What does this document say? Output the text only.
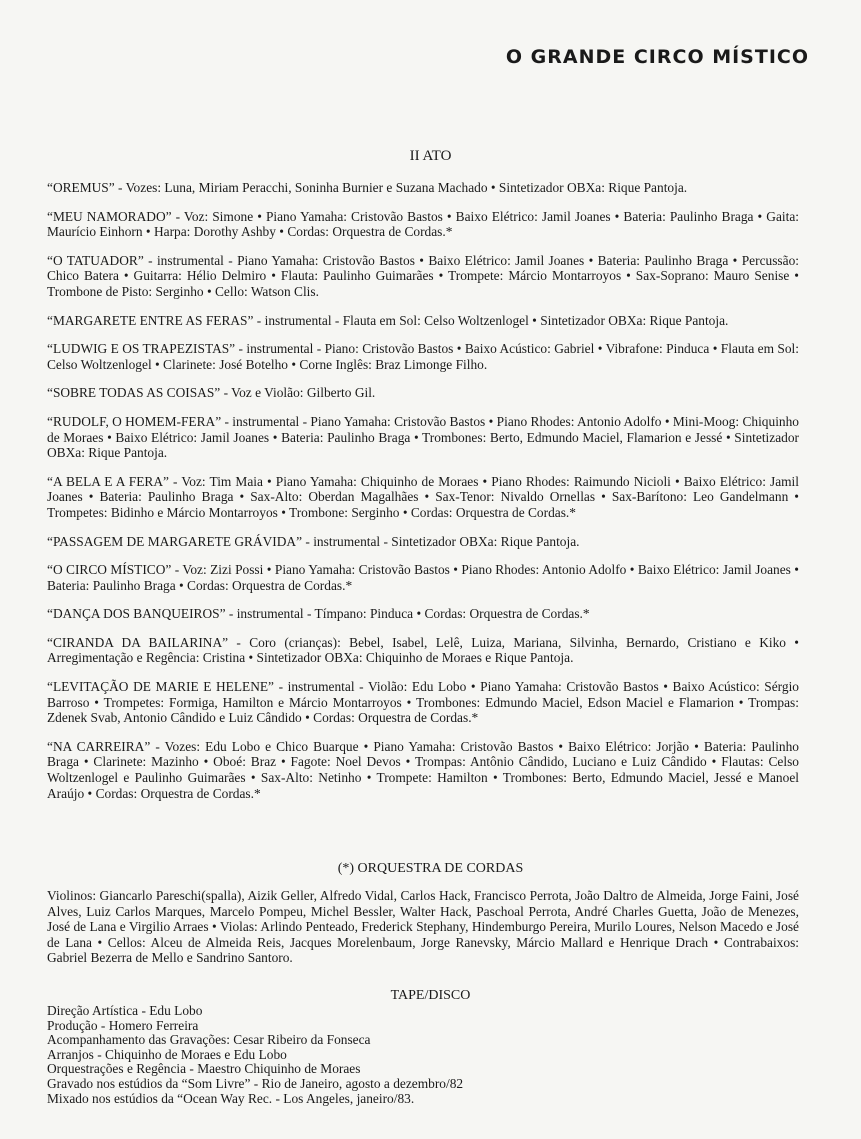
O GRANDE CIRCO MÍSTICO
II ATO

“OREMUS” - Vozes: Luna, Miriam Peracchi, Soninha Burnier e Suzana Machado • Sintetizador OBXa: Rique Pantoja.

“MEU NAMORADO” - Voz: Simone • Piano Yamaha: Cristovão Bastos • Baixo Elétrico: Jamil Joanes • Bateria: Paulinho Braga • Gaita: Maurício Einhorn • Harpa: Dorothy Ashby • Cordas: Orquestra de Cordas.*

“O TATUADOR” - instrumental - Piano Yamaha: Cristovão Bastos • Baixo Elétrico: Jamil Joanes • Bateria: Paulinho Braga • Percussão: Chico Batera • Guitarra: Hélio Delmiro • Flauta: Paulinho Guimarães • Trompete: Márcio Montarroyos • Sax-Soprano: Mauro Senise • Trombone de Pisto: Serginho • Cello: Watson Clis.

“MARGARETE ENTRE AS FERAS” - instrumental - Flauta em Sol: Celso Woltzenlogel • Sintetizador OBXa: Rique Pantoja.

“LUDWIG E OS TRAPEZISTAS” - instrumental - Piano: Cristovão Bastos • Baixo Acústico: Gabriel • Vibrafone: Pinduca • Flauta em Sol: Celso Woltzenlogel • Clarinete: José Botelho • Corne Inglês: Braz Limonge Filho.

“SOBRE TODAS AS COISAS” - Voz e Violão: Gilberto Gil.

“RUDOLF, O HOMEM-FERA” - instrumental - Piano Yamaha: Cristovão Bastos • Piano Rhodes: Antonio Adolfo • Mini-Moog: Chiquinho de Moraes • Baixo Elétrico: Jamil Joanes • Bateria: Paulinho Braga • Trombones: Berto, Edmundo Maciel, Flamarion e Jessé • Sintetizador OBXa: Rique Pantoja.

“A BELA E A FERA” - Voz: Tim Maia • Piano Yamaha: Chiquinho de Moraes • Piano Rhodes: Raimundo Nicioli • Baixo Elétrico: Jamil Joanes • Bateria: Paulinho Braga • Sax-Alto: Oberdan Magalhães • Sax-Tenor: Nivaldo Ornellas • Sax-Barítono: Leo Gandelmann • Trompetes: Bidinho e Márcio Montarroyos • Trombone: Serginho • Cordas: Orquestra de Cordas.*

“PASSAGEM DE MARGARETE GRÁVIDA” - instrumental - Sintetizador OBXa: Rique Pantoja.

“O CIRCO MÍSTICO” - Voz: Zizi Possi • Piano Yamaha: Cristovão Bastos • Piano Rhodes: Antonio Adolfo • Baixo Elétrico: Jamil Joanes • Bateria: Paulinho Braga • Cordas: Orquestra de Cordas.*

“DANÇA DOS BANQUEIROS” - instrumental - Tímpano: Pinduca • Cordas: Orquestra de Cordas.*

“CIRANDA DA BAILARINA” - Coro (crianças): Bebel, Isabel, Lelê, Luiza, Mariana, Silvinha, Bernardo, Cristiano e Kiko • Arregimentação e Regência: Cristina • Sintetizador OBXa: Chiquinho de Moraes e Rique Pantoja.

“LEVITAÇÃO DE MARIE E HELENE” - instrumental - Violão: Edu Lobo • Piano Yamaha: Cristovão Bastos • Baixo Acústico: Sérgio Barroso • Trompetes: Formiga, Hamilton e Márcio Montarroyos • Trombones: Edmundo Maciel, Edson Maciel e Flamarion • Trompas: Zdenek Svab, Antonio Cândido e Luiz Cândido • Cordas: Orquestra de Cordas.*

“NA CARREIRA” - Vozes: Edu Lobo e Chico Buarque • Piano Yamaha: Cristovão Bastos • Baixo Elétrico: Jorjão • Bateria: Paulinho Braga • Clarinete: Mazinho • Oboé: Braz • Fagote: Noel Devos • Trompas: Antônio Cândido, Luciano e Luiz Cândido • Flautas: Celso Woltzenlogel e Paulinho Guimarães • Sax-Alto: Netinho • Trompete: Hamilton • Trombones: Berto, Edmundo Maciel, Jessé e Manoel Araújo • Cordas: Orquestra de Cordas.*

(*) ORQUESTRA DE CORDAS
Violinos: Giancarlo Pareschi(spalla), Aizik Geller, Alfredo Vidal, Carlos Hack, Francisco Perrota, João Daltro de Almeida, Jorge Faini, José Alves, Luiz Carlos Marques, Marcelo Pompeu, Michel Bessler, Walter Hack, Paschoal Perrota, André Charles Guetta, João de Menezes, José de Lana e Virgilio Arraes • Violas: Arlindo Penteado, Frederick Stephany, Hindemburgo Pereira, Murilo Loures, Nelson Macedo e José de Lana • Cellos: Alceu de Almeida Reis, Jacques Morelenbaum, Jorge Ranevsky, Márcio Mallard e Henrique Drach • Contrabaixos: Gabriel Bezerra de Mello e Sandrino Santoro.
TAPE/DISCO
Direção Artística - Edu Lobo
Produção - Homero Ferreira
Acompanhamento das Gravações: Cesar Ribeiro da Fonseca
Arranjos - Chiquinho de Moraes e Edu Lobo
Orquestrações e Regência - Maestro Chiquinho de Moraes
Gravado nos estúdios da “Som Livre” - Rio de Janeiro, agosto a dezembro/82
Mixado nos estúdios da “Ocean Way Rec. - Los Angeles, janeiro/83.
